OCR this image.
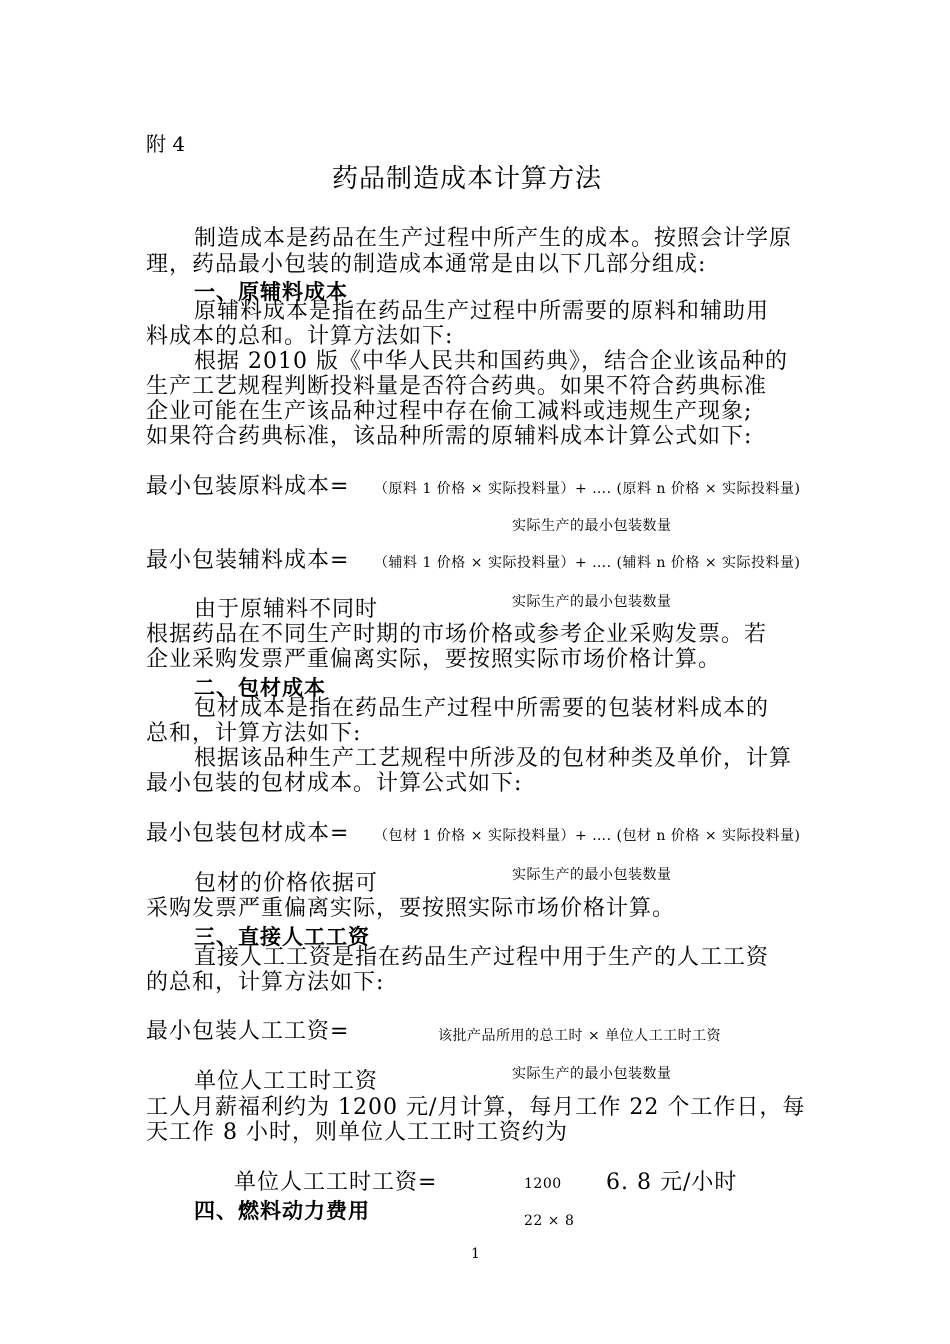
附 4
药品制造成本计算方法
制造成本是药品在生产过程中所产生的成本。按照会计学原
理，药品最小包装的制造成本通常是由以下几部分组成:
一、原辅料成本
原辅料成本是指在药品生产过程中所需要的原料和辅助用
料成本的总和。计算方法如下:
根据 2010 版《中华人民共和国药典》，结合企业该品种的
生产工艺规程判断投料量是否符合药典。如果不符合药典标准
企业可能在生产该品种过程中存在偷工减料或违规生产现象;
如果符合药典标准，该品种所需的原辅料成本计算公式如下:
最小包装原料成本= （原料 1 价格 × 实际投料量）+ …. (原料 n 价格 × 实际投料量)
实际生产的最小包装数量
最小包装辅料成本= （辅料 1 价格 × 实际投料量）+ …. (辅料 n 价格 × 实际投料量)
由于原辅料不同时	实际生产的最小包装数量
根据药品在不同生产时期的市场价格或参考企业采购发票。若
企业采购发票严重偏离实际，要按照实际市场价格计算。
二、包材成本
包材成本是指在药品生产过程中所需要的包装材料成本的
总和，计算方法如下:
根据该品种生产工艺规程中所涉及的包材种类及单价，计算
最小包装的包材成本。计算公式如下:
最小包装包材成本= （包材 1 价格 × 实际投料量）+ …. (包材 n 价格 × 实际投料量)
包材的价格依据可	实际生产的最小包装数量
采购发票严重偏离实际，要按照实际市场价格计算。
三、直接人工工资
直接人工工资是指在药品生产过程中用于生产的人工工资
的总和，计算方法如下:
最小包装人工工资=	该批产品所用的总工时 × 单位人工工时工资
单位人工工时工资	实际生产的最小包装数量
工人月薪福利约为 1200 元/月计算，每月工作 22 个工作日，每
天工作 8 小时，则单位人工工时工资约为
单位人工工时工资=	1200 6. 8 元/小时
22 × 8
四、燃料动力费用
1
